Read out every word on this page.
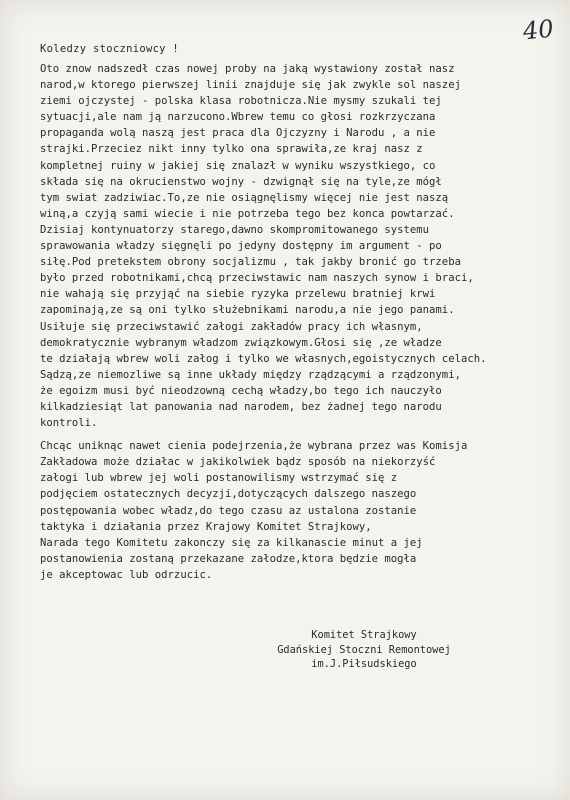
40
Koledzy stoczniowcy !
Oto znow nadszedł czas nowej proby na jaką wystawiony został nasz
narod,w ktorego pierwszej linii znajduje się jak zwykle sol naszej
ziemi ojczystej - polska klasa robotnicza.Nie mysmy szukali tej
sytuacji,ale nam ją narzucono.Wbrew temu co głosi rozkrzyczana
propaganda wolą naszą jest praca dla Ojczyzny i Narodu , a nie
strajki.Przeciez nikt inny tylko ona sprawiła,ze kraj nasz z
kompletnej ruiny w jakiej się znalazł w wyniku wszystkiego, co
składa się na okrucienstwo wojny - dzwignął się na tyle,ze mógł
tym swiat zadziwiac.To,ze nie osiągnęlismy więcej nie jest naszą
winą,a czyją sami wiecie i nie potrzeba tego bez konca powtarzać.
Dzisiaj kontynuatorzy starego,dawno skompromitowanego systemu
sprawowania władzy sięgnęli po jedyny dostępny im argument - po
siłę.Pod pretekstem obrony socjalizmu , tak jakby bronić go trzeba
było przed robotnikami,chcą przeciwstawic nam naszych synow i braci,
nie wahają się przyjąć na siebie ryzyka przelewu bratniej krwi
zapominają,ze są oni tylko służebnikami narodu,a nie jego panami.
Usiłuje się przeciwstawić załogi zakładów pracy ich własnym,
demokratycznie wybranym władzom związkowym.Głosi się ,ze władze
te działają wbrew woli załog i tylko we własnych,egoistycznych celach.
Sądzą,ze niemozliwe są inne układy między rządzącymi a rządzonymi,
że egoizm musi być nieodzowną cechą władzy,bo tego ich nauczyło
kilkadziesiąt lat panowania nad narodem, bez żadnej tego narodu
kontroli.
Chcąc uniknąc nawet cienia podejrzenia,że wybrana przez was Komisja
Zakładowa może działac w jakikolwiek bądz sposób na niekorzyść
załogi lub wbrew jej woli postanowilismy wstrzymać się z
podjęciem ostatecznych decyzji,dotyczących dalszego naszego
postępowania wobec władz,do tego czasu az ustalona zostanie
taktyka i działania przez Krajowy Komitet Strajkowy,
Narada tego Komitetu zakonczy się za kilkanascie minut a jej
postanowienia zostaną przekazane załodze,ktora będzie mogła
je akceptowac lub odrzucic.
Komitet Strajkowy
Gdańskiej Stoczni Remontowej
im.J.Piłsudskiego
